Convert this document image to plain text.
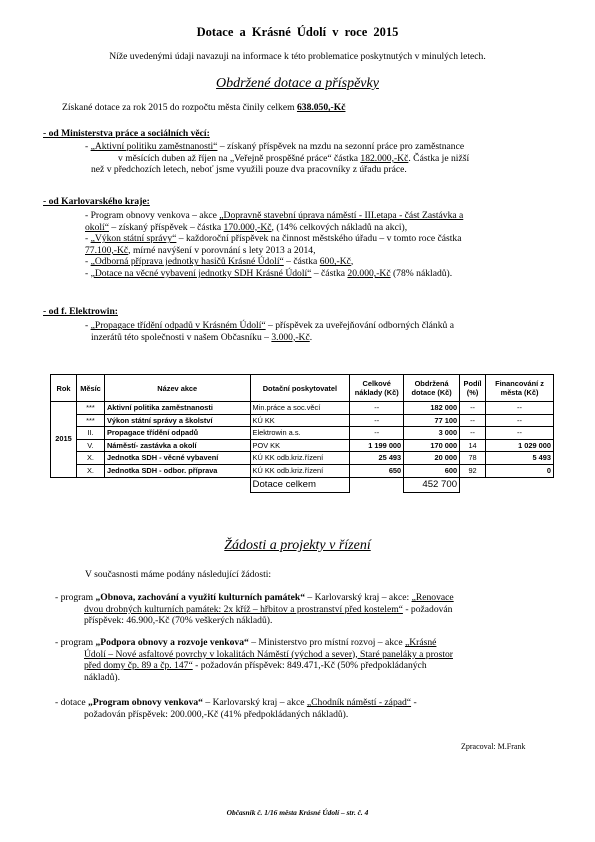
Dotace a Krásné Údolí v roce 2015
Níže uvedenými údaji navazuji na informace k této problematice poskytnutých v minulých letech.
Obdržené dotace a příspěvky
Získané dotace za rok 2015 do rozpočtu města činily celkem 638.050,-Kč
- od Ministerstva práce a sociálních věcí:
- „Aktivní politiku zaměstnanosti“ – získaný příspěvek na mzdu na sezonní práce pro zaměstnance
v měsících duben až říjen na „Veřejně prospěšné práce“ částka 182.000,-Kč. Částka je nižší
než v předchozích letech, neboť jsme využili pouze dva pracovníky z úřadu práce.
- od Karlovarského kraje:
- Program obnovy venkova – akce „Dopravně stavební úprava náměstí - III.etapa - část Zastávka a
okolí“ – získaný příspěvek – částka 170.000,-Kč, (14% celkových nákladů na akci),
- „Výkon státní správy“ – každoroční příspěvek na činnost městského úřadu – v tomto roce částka
77.100,-Kč, mírné navýšení v porovnání s lety 2013 a 2014,
- „Odborná příprava jednotky hasičů Krásné Údolí“ – částka 600,-Kč,
- „Dotace na věcné vybavení jednotky SDH Krásné Údolí“ – částka 20.000,-Kč (78% nákladů).
- od f. Elektrowin:
- „Propagace třídění odpadů v Krásném Údolí“ – příspěvek za uveřejňování odborných článků a
inzerátů této společnosti v našem Občasníku – 3.000,-Kč.
Rok	Měsíc	Název akce	Dotační poskytovatel	Celkové náklady (Kč)	Obdržená dotace (Kč)	Podíl (%)	Financování z města (Kč)
2015	***	Aktivní politika zaměstnanosti	Min.práce a soc.věcí	--	182 000	--	--
	***	Výkon státní správy a školství	KÚ KK	--	77 100	--	--
	II.	Propagace třídění odpadů	Elektrowin a.s.	--	3 000	--	--
	V.	Náměstí- zastávka a okolí	POV KK	1 199 000	170 000	14	1 029 000
	X.	Jednotka SDH - věcné vybavení	KÚ KK odb.kriz.řízení	25 493	20 000	78	5 493
	X.	Jednotka SDH - odbor. příprava	KÚ KK odb.kriz.řízení	650	600	92	0
			Dotace celkem		452 700		
Žádosti a projekty v řízení
V současnosti máme podány následující žádosti:
- program „Obnova, zachování a využití kulturních památek“ – Karlovarský kraj – akce: „Renovace
dvou drobných kulturních památek: 2x kříž – hřbitov a prostranství před kostelem“ - požadován
příspěvek: 46.900,-Kč (70% veškerých nákladů).
- program „Podpora obnovy a rozvoje venkova“ – Ministerstvo pro místní rozvoj – akce „Krásné
Údolí – Nové asfaltové povrchy v lokalitách Náměstí (východ a sever), Staré paneláky a prostor
před domy čp. 89 a čp. 147“ - požadován příspěvek: 849.471,-Kč (50% předpokládaných
nákladů).
- dotace „Program obnovy venkova“ – Karlovarský kraj – akce „Chodník náměstí - západ“ -
požadován příspěvek: 200.000,-Kč (41% předpokládaných nákladů).
Zpracoval: M.Frank
Občasník č. 1/16 města Krásné Údolí – str. č. 4
